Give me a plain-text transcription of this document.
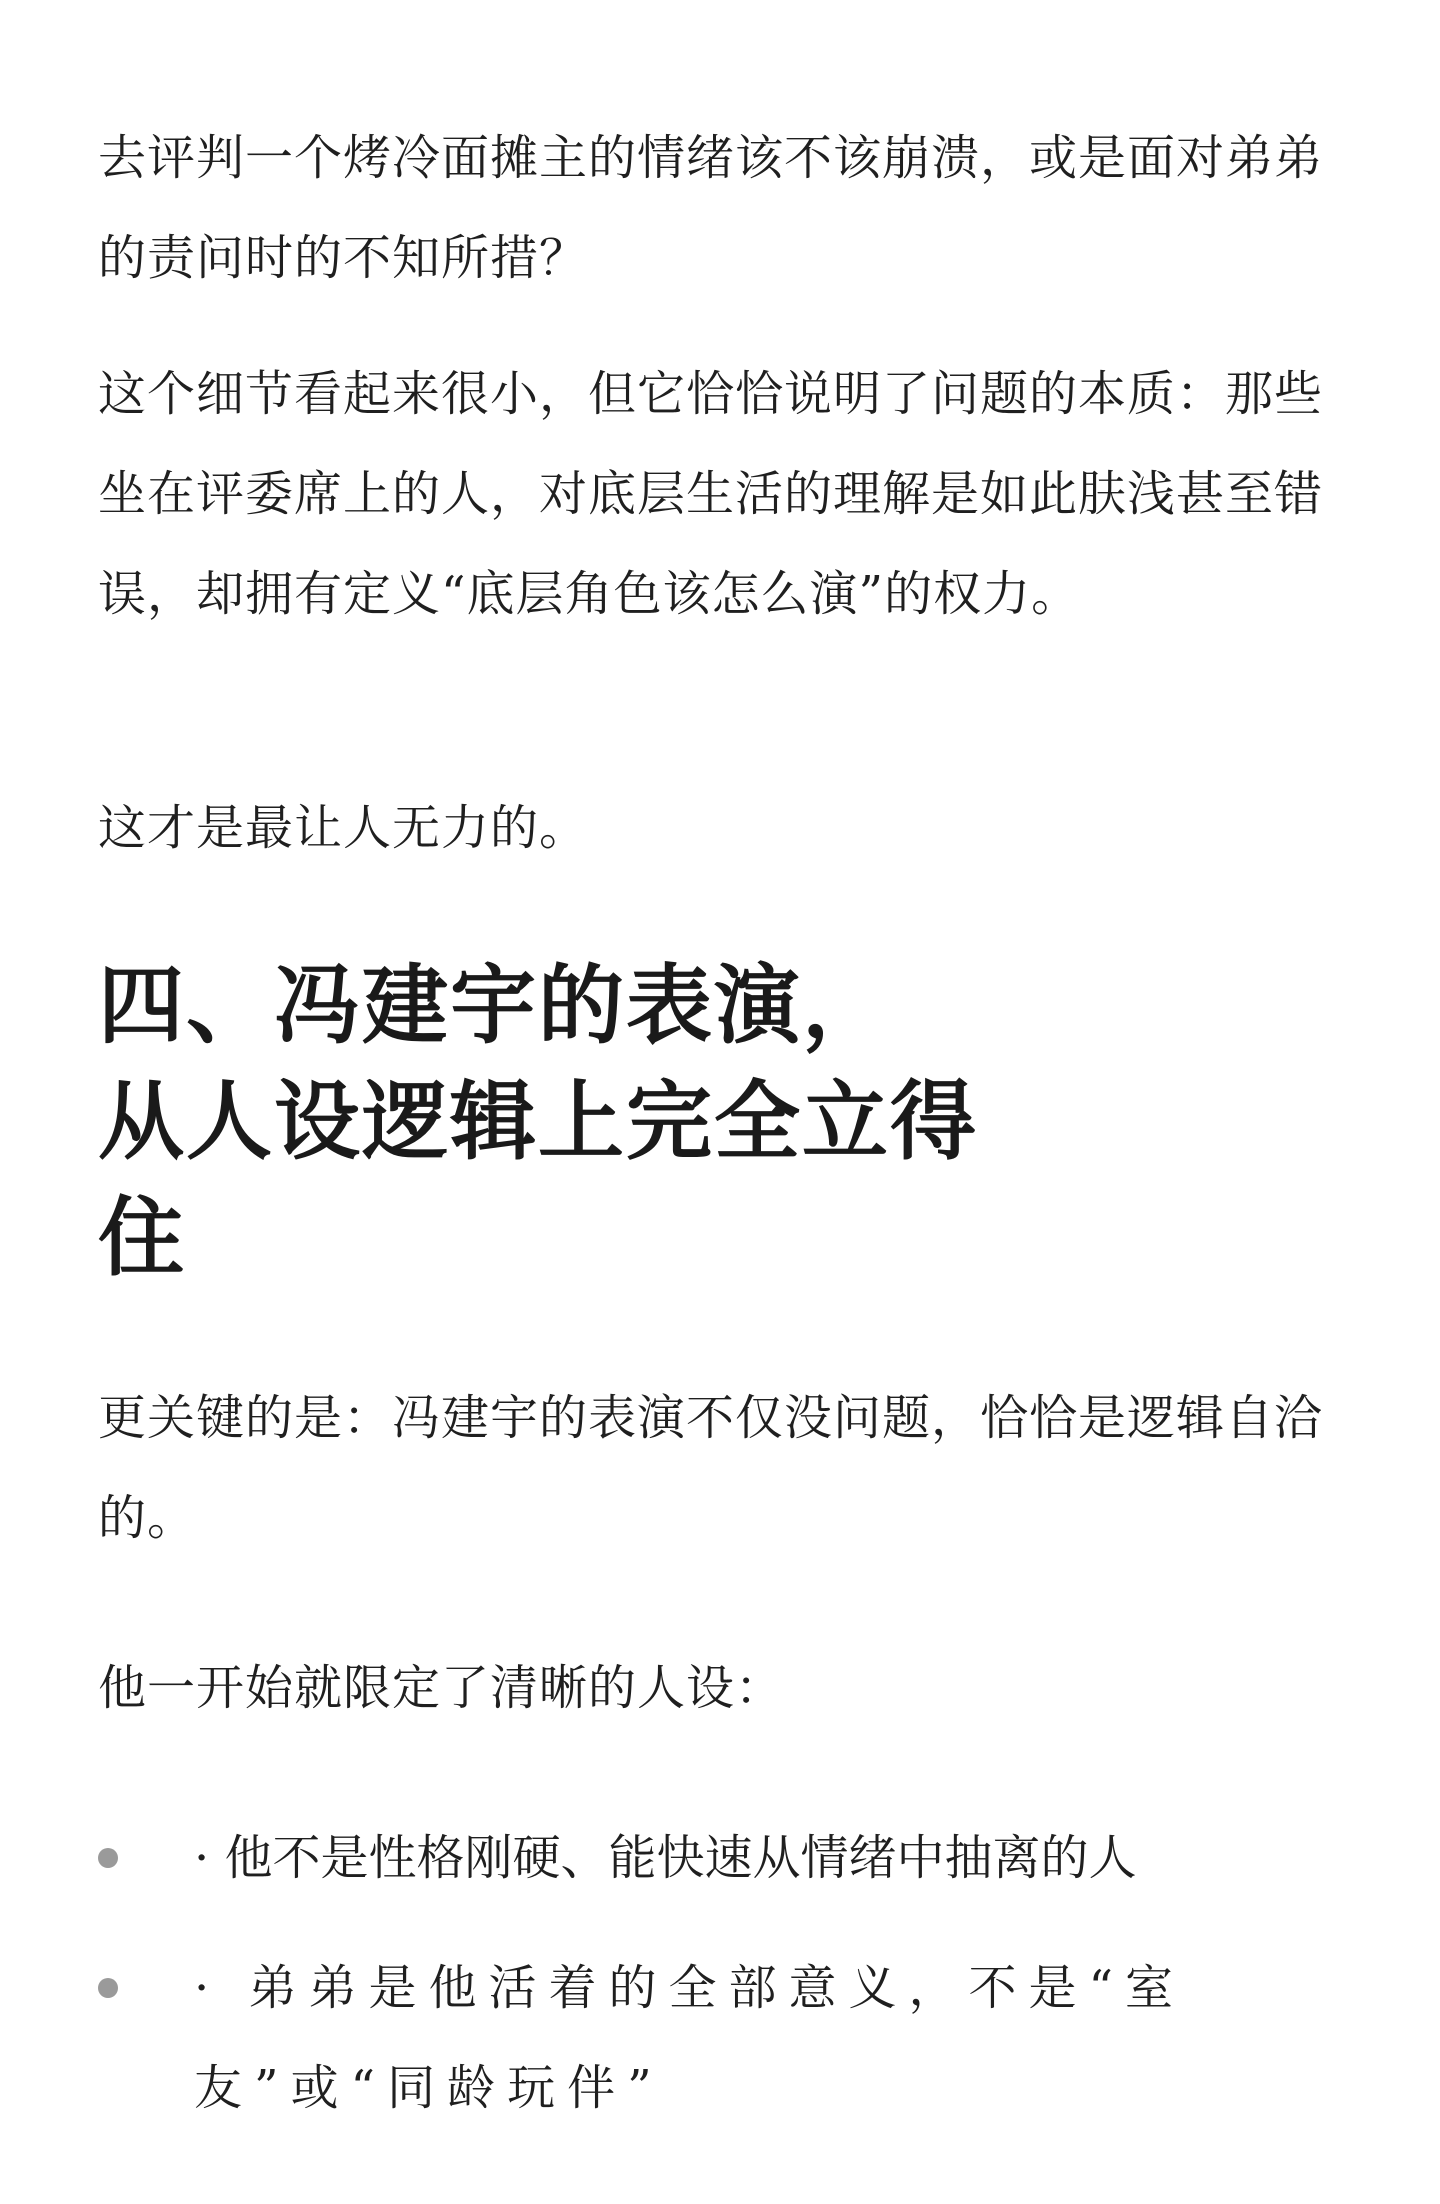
去评判一个烤冷面摊主的情绪该不该崩溃，或是面对弟弟的责问时的不知所措？

这个细节看起来很小，但它恰恰说明了问题的本质：那些坐在评委席上的人，对底层生活的理解是如此肤浅甚至错误，却拥有定义“底层角色该怎么演”的权力。

这才是最让人无力的。

四、冯建宇的表演，
从人设逻辑上完全立得
住

更关键的是：冯建宇的表演不仅没问题，恰恰是逻辑自洽的。

他一开始就限定了清晰的人设：

· 他不是性格刚硬、能快速从情绪中抽离的人
· 弟弟是他活着的全部意义，不是“室友”或“同龄玩伴”
